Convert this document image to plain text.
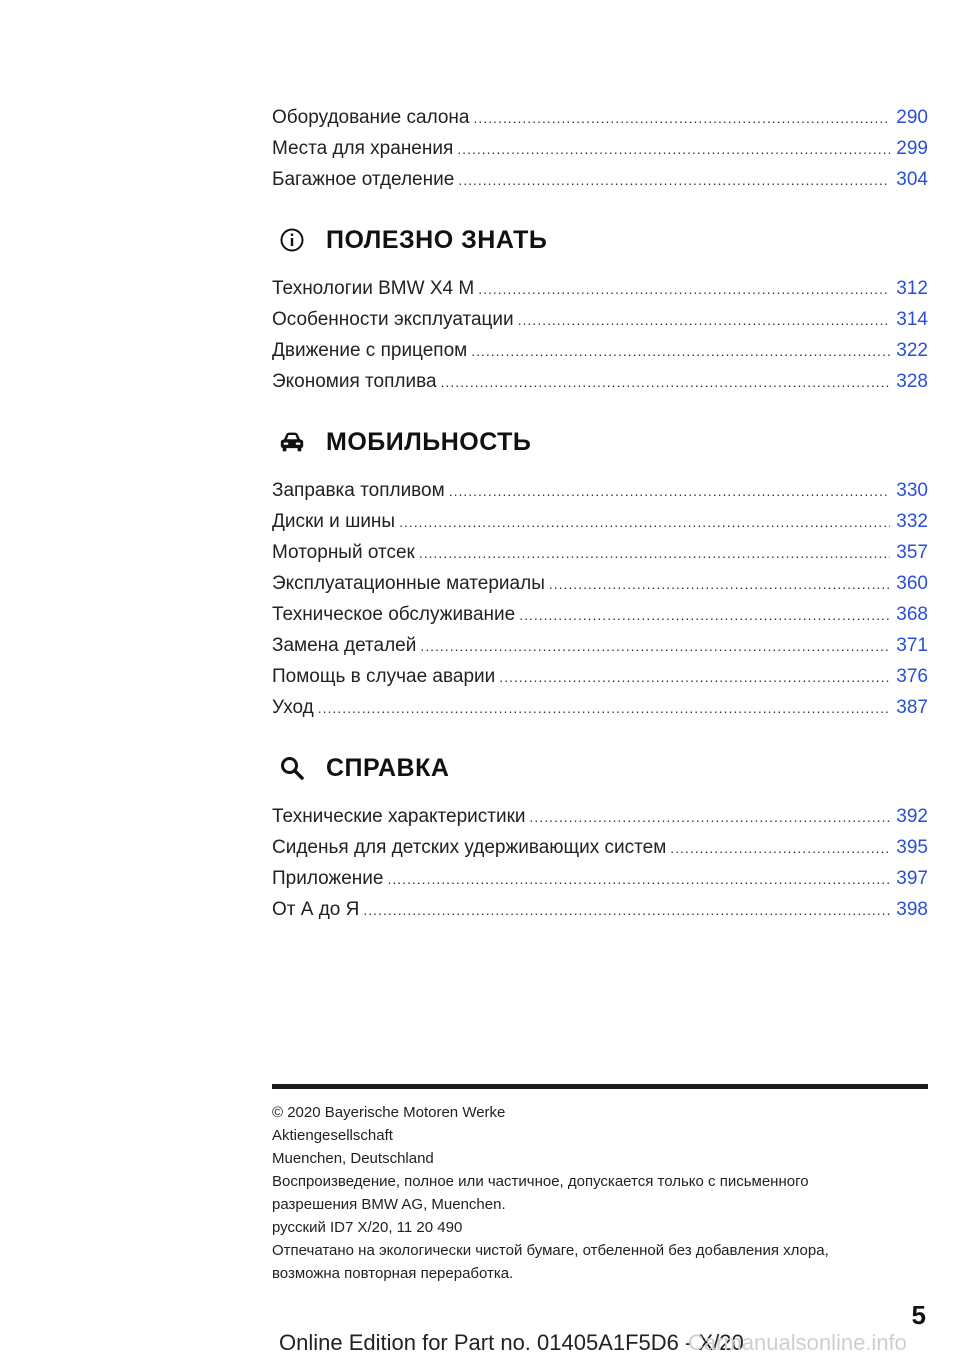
Оборудование салона .....	290
Места для хранения .....	299
Багажное отделение .....	304
ПОЛЕЗНО ЗНАТЬ
Технологии BMW X4 M .....	312
Особенности эксплуатации .....	314
Движение с прицепом .....	322
Экономия топлива .....	328
МОБИЛЬНОСТЬ
Заправка топливом .....	330
Диски и шины .....	332
Моторный отсек .....	357
Эксплуатационные материалы .....	360
Техническое обслуживание .....	368
Замена деталей .....	371
Помощь в случае аварии .....	376
Уход .....	387
СПРАВКА
Технические характеристики .....	392
Сиденья для детских удерживающих систем .....	395
Приложение .....	397
От А до Я .....	398
© 2020 Bayerische Motoren Werke
Aktiengesellschaft
Muenchen, Deutschland
Воспроизведение, полное или частичное, допускается только с письменного
разрешения BMW AG, Muenchen.
русский ID7 X/20, 11 20 490
Отпечатано на экологически чистой бумаге, отбеленной без добавления хлора,
возможна повторная переработка.
5
Online Edition for Part no. 01405A1F5D6 - X/20
Carmanualsonline.info
